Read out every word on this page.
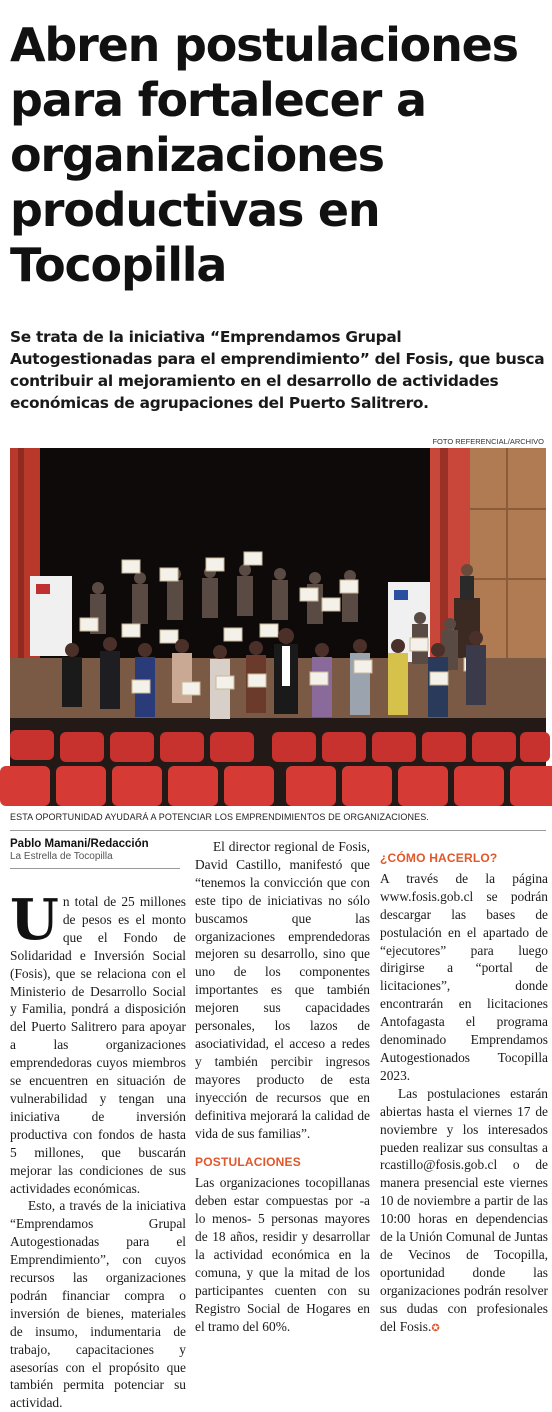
Abren postulaciones para fortalecer a organizaciones productivas en Tocopilla

Se trata de la iniciativa “Emprendamos Grupal Autogestionadas para el emprendimiento” del Fosis, que busca contribuir al mejoramiento en el desarrollo de actividades económicas de agrupaciones del Puerto Salitrero.

FOTO REFERENCIAL/ARCHIVO
ESTA OPORTUNIDAD AYUDARÁ A POTENCIAR LOS EMPRENDIMIENTOS DE ORGANIZACIONES.
Pablo Mamani/Redacción
La Estrella de Tocopilla

Un total de 25 millones de pesos es el monto que el Fondo de Solidaridad e Inversión Social (Fosis), que se relaciona con el Ministerio de Desarrollo Social y Familia, pondrá a disposición del Puerto Salitrero para apoyar a las organizaciones emprendedoras cuyos miembros se encuentren en situación de vulnerabilidad y tengan una iniciativa de inversión productiva con fondos de hasta 5 millones, que buscarán mejorar las condiciones de sus actividades económicas.

Esto, a través de la iniciativa “Emprendamos Grupal Autogestionadas para el Emprendimiento”, con cuyos recursos las organizaciones podrán financiar compra o inversión de bienes, materiales de insumo, indumentaria de trabajo, capacitaciones y asesorías con el propósito que también permita potenciar su actividad.

El director regional de Fosis, David Castillo, manifestó que “tenemos la convicción que con este tipo de iniciativas no sólo buscamos que las organizaciones emprendedoras mejoren su desarrollo, sino que uno de los componentes importantes es que también mejoren sus capacidades personales, los lazos de asociatividad, el acceso a redes y también percibir ingresos mayores producto de esta inyección de recursos que en definitiva mejorará la calidad de vida de sus familias”.

POSTULACIONES

Las organizaciones tocopillanas deben estar compuestas por -a lo menos- 5 personas mayores de 18 años, residir y desarrollar la actividad económica en la comuna, y que la mitad de los participantes cuenten con su Registro Social de Hogares en el tramo del 60%.

¿CÓMO HACERLO?

A través de la página www.fosis.gob.cl se podrán descargar las bases de postulación en el apartado de “ejecutores” para luego dirigirse a “portal de licitaciones”, donde encontrarán en licitaciones Antofagasta el programa denominado Emprendamos Autogestionados Tocopilla 2023.

Las postulaciones estarán abiertas hasta el viernes 17 de noviembre y los interesados pueden realizar sus consultas a rcastillo@fosis.gob.cl o de manera presencial este viernes 10 de noviembre a partir de las 10:00 horas en dependencias de la Unión Comunal de Juntas de Vecinos de Tocopilla, oportunidad donde las organizaciones podrán resolver sus dudas con profesionales del Fosis.✪
